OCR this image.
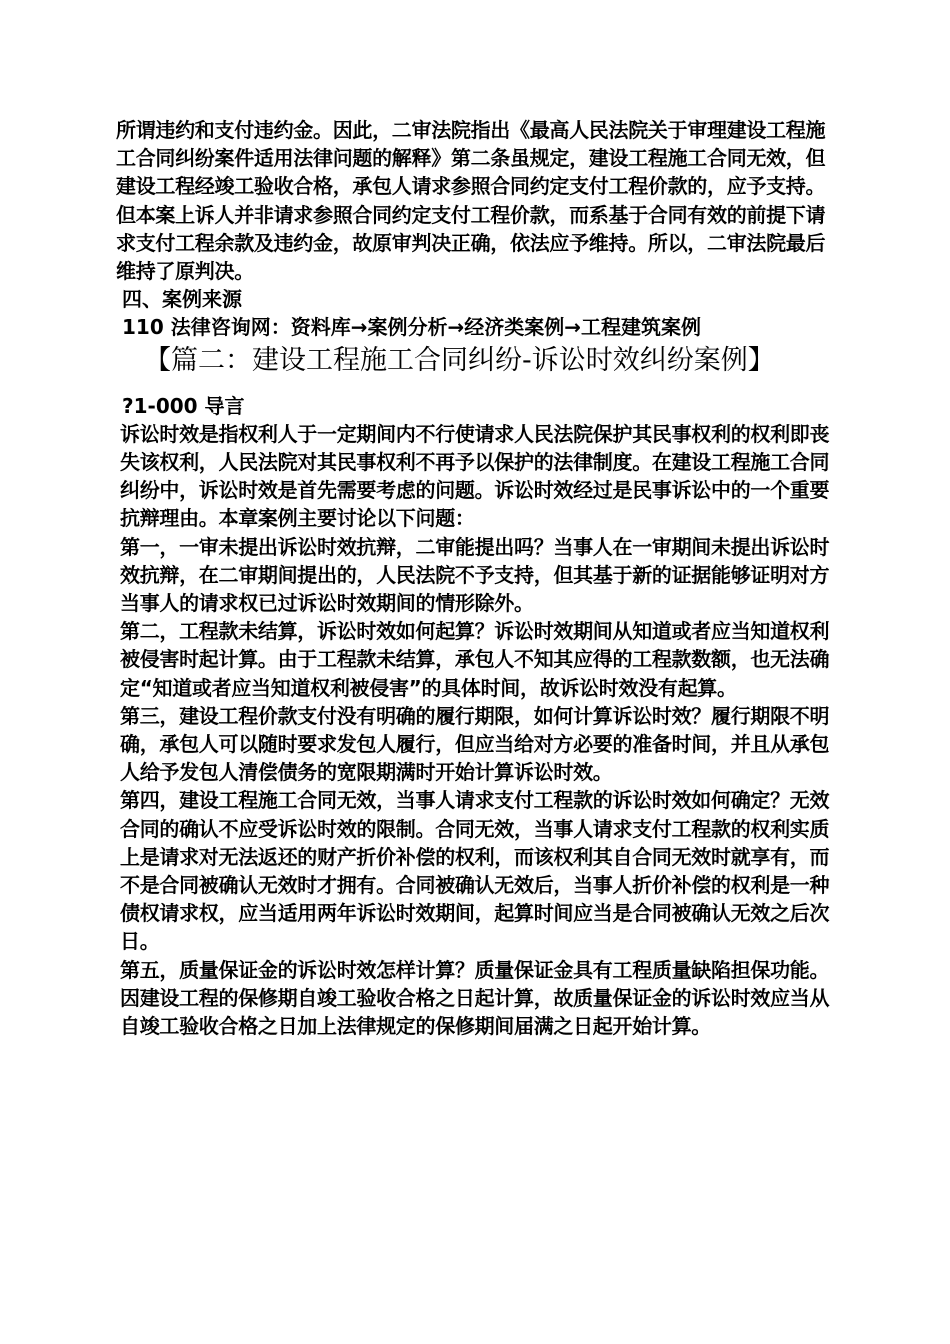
所谓违约和支付违约金。因此，二审法院指出《最高人民法院关于审理建设工程施工合同纠纷案件适用法律问题的解释》第二条虽规定，建设工程施工合同无效，但建设工程经竣工验收合格，承包人请求参照合同约定支付工程价款的，应予支持。但本案上诉人并非请求参照合同约定支付工程价款，而系基于合同有效的前提下请求支付工程余款及违约金，故原审判决正确，依法应予维持。所以，二审法院最后维持了原判决。

四、案例来源

110 法律咨询网：资料库→案例分析→经济类案例→工程建筑案例

【篇二：建设工程施工合同纠纷-诉讼时效纠纷案例】

?1-000 导言

诉讼时效是指权利人于一定期间内不行使请求人民法院保护其民事权利的权利即丧失该权利，人民法院对其民事权利不再予以保护的法律制度。在建设工程施工合同纠纷中，诉讼时效是首先需要考虑的问题。诉讼时效经过是民事诉讼中的一个重要抗辩理由。本章案例主要讨论以下问题：

第一，一审未提出诉讼时效抗辩，二审能提出吗？当事人在一审期间未提出诉讼时效抗辩，在二审期间提出的，人民法院不予支持，但其基于新的证据能够证明对方当事人的请求权已过诉讼时效期间的情形除外。

第二，工程款未结算，诉讼时效如何起算？诉讼时效期间从知道或者应当知道权利被侵害时起计算。由于工程款未结算，承包人不知其应得的工程款数额，也无法确定“知道或者应当知道权利被侵害”的具体时间，故诉讼时效没有起算。

第三，建设工程价款支付没有明确的履行期限，如何计算诉讼时效？履行期限不明确，承包人可以随时要求发包人履行，但应当给对方必要的准备时间，并且从承包人给予发包人清偿债务的宽限期满时开始计算诉讼时效。

第四，建设工程施工合同无效，当事人请求支付工程款的诉讼时效如何确定？无效合同的确认不应受诉讼时效的限制。合同无效，当事人请求支付工程款的权利实质上是请求对无法返还的财产折价补偿的权利，而该权利其自合同无效时就享有，而不是合同被确认无效时才拥有。合同被确认无效后，当事人折价补偿的权利是一种债权请求权，应当适用两年诉讼时效期间，起算时间应当是合同被确认无效之后次日。

第五，质量保证金的诉讼时效怎样计算？质量保证金具有工程质量缺陷担保功能。因建设工程的保修期自竣工验收合格之日起计算，故质量保证金的诉讼时效应当从自竣工验收合格之日加上法律规定的保修期间届满之日起开始计算。
